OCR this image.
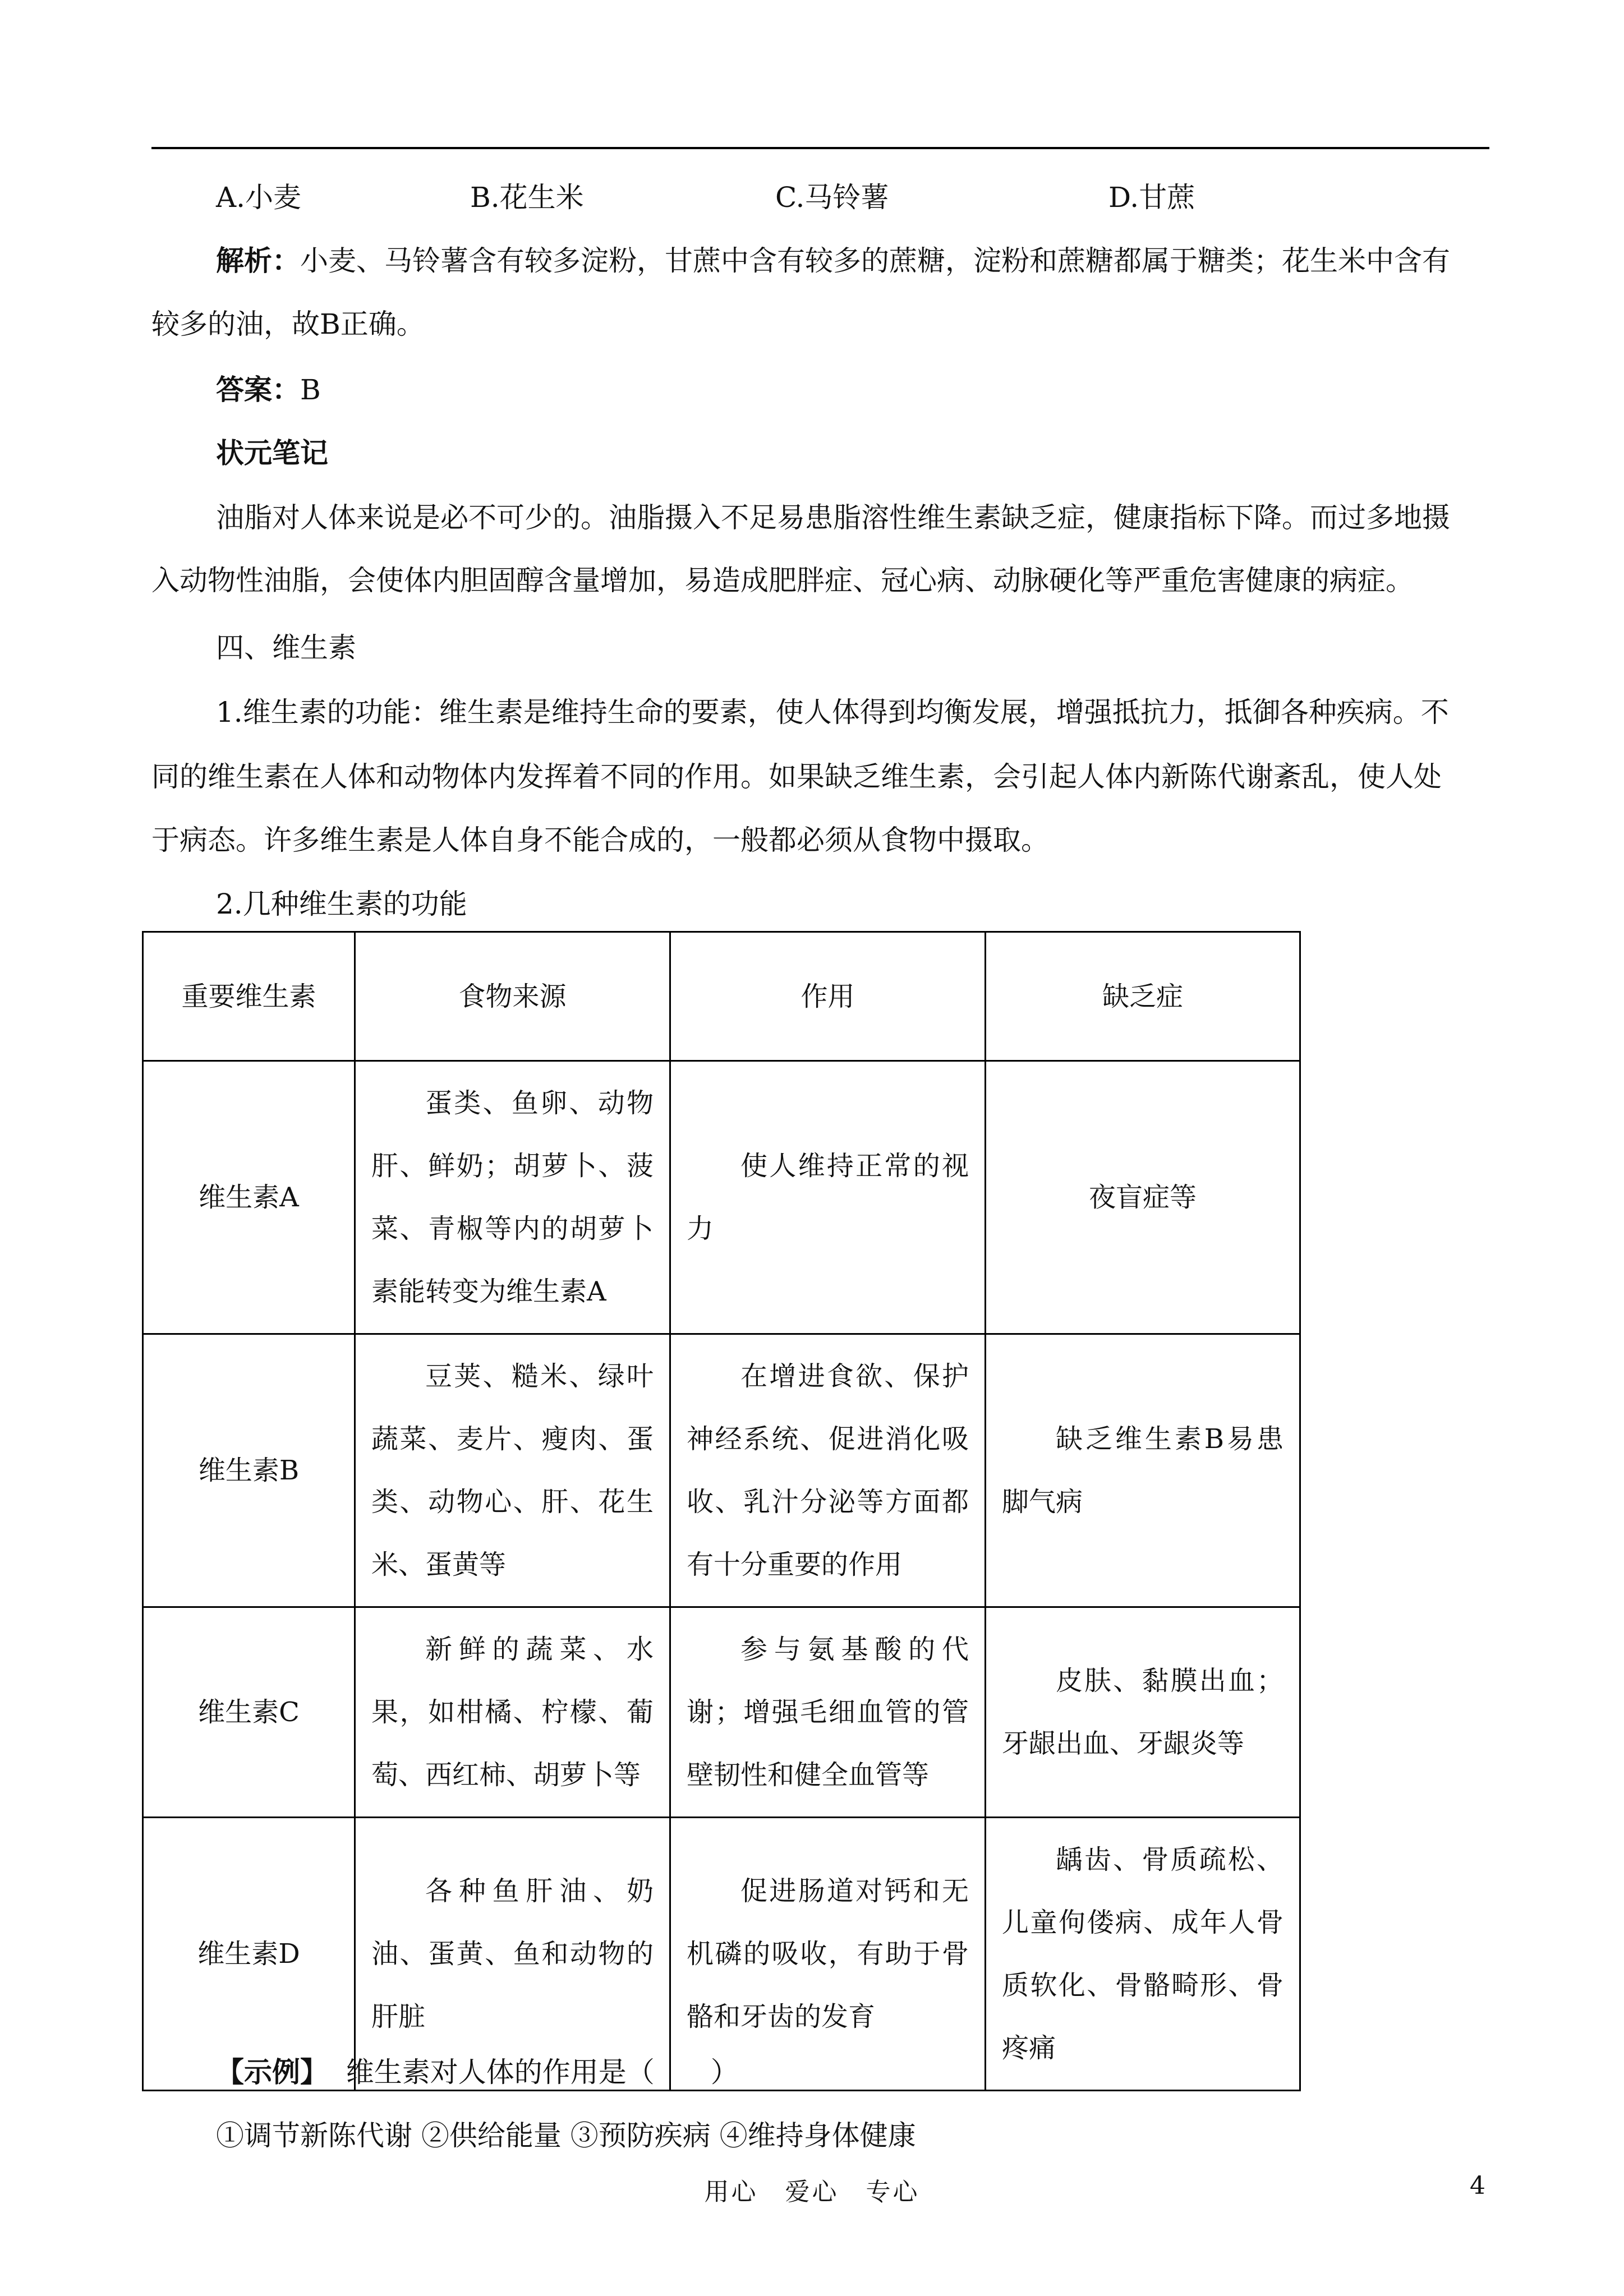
A.小麦	B.花生米	C.马铃薯	D.甘蔗
解析：小麦、马铃薯含有较多淀粉，甘蔗中含有较多的蔗糖，淀粉和蔗糖都属于糖类；花生米中含有
较多的油，故B正确。
答案：B
状元笔记
油脂对人体来说是必不可少的。油脂摄入不足易患脂溶性维生素缺乏症，健康指标下降。而过多地摄
入动物性油脂，会使体内胆固醇含量增加，易造成肥胖症、冠心病、动脉硬化等严重危害健康的病症。
四、维生素
1.维生素的功能：维生素是维持生命的要素，使人体得到均衡发展，增强抵抗力，抵御各种疾病。不
同的维生素在人体和动物体内发挥着不同的作用。如果缺乏维生素，会引起人体内新陈代谢紊乱，使人处
于病态。许多维生素是人体自身不能合成的，一般都必须从食物中摄取。
2.几种维生素的功能
重要维生素	食物来源	作用	缺乏症
维生素A	蛋类、鱼卵、动物肝、鲜奶；胡萝卜、菠菜、青椒等内的胡萝卜素能转变为维生素A	使人维持正常的视力	夜盲症等
维生素B	豆荚、糙米、绿叶蔬菜、麦片、瘦肉、蛋类、动物心、肝、花生米、蛋黄等	在增进食欲、保护神经系统、促进消化吸收、乳汁分泌等方面都有十分重要的作用	缺乏维生素B易患脚气病
维生素C	新鲜的蔬菜、水果，如柑橘、柠檬、葡萄、西红柿、胡萝卜等	参与氨基酸的代谢；增强毛细血管的管壁韧性和健全血管等	皮肤、黏膜出血；牙龈出血、牙龈炎等
维生素D	各种鱼肝油、奶油、蛋黄、鱼和动物的肝脏	促进肠道对钙和无机磷的吸收，有助于骨骼和牙齿的发育	龋齿、骨质疏松、儿童佝偻病、成年人骨质软化、骨骼畸形、骨疼痛
【示例】 维生素对人体的作用是（　　）
①调节新陈代谢 ②供给能量 ③预防疾病 ④维持身体健康
用心　爱心　专心	4
